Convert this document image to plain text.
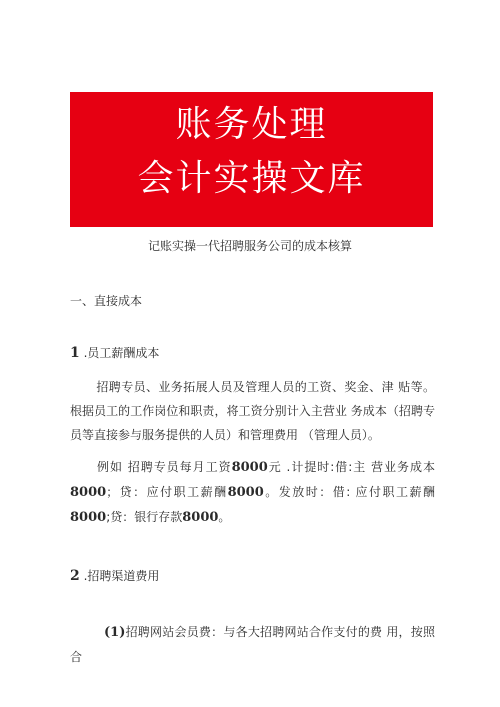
账务处理
会计实操文库
记账实操一代招聘服务公司的成本核算
一、直接成本
1 .员工薪酬成本
招聘专员、业务拓展人员及管理人员的工资、奖金、津 贴等。根据员工的工作岗位和职责，将工资分别计入主营业 务成本（招聘专员等直接参与服务提供的人员）和管理费用 （管理人员）。
例如 招聘专员每月工资8000元 .计提时:借:主 营业务成本8000；贷：应付职工薪酬8000。发放时：借: 应付职工薪酬8000;贷：银行存款8000。
2 .招聘渠道费用
(1)招聘网站会员费：与各大招聘网站合作支付的费 用，按照合
